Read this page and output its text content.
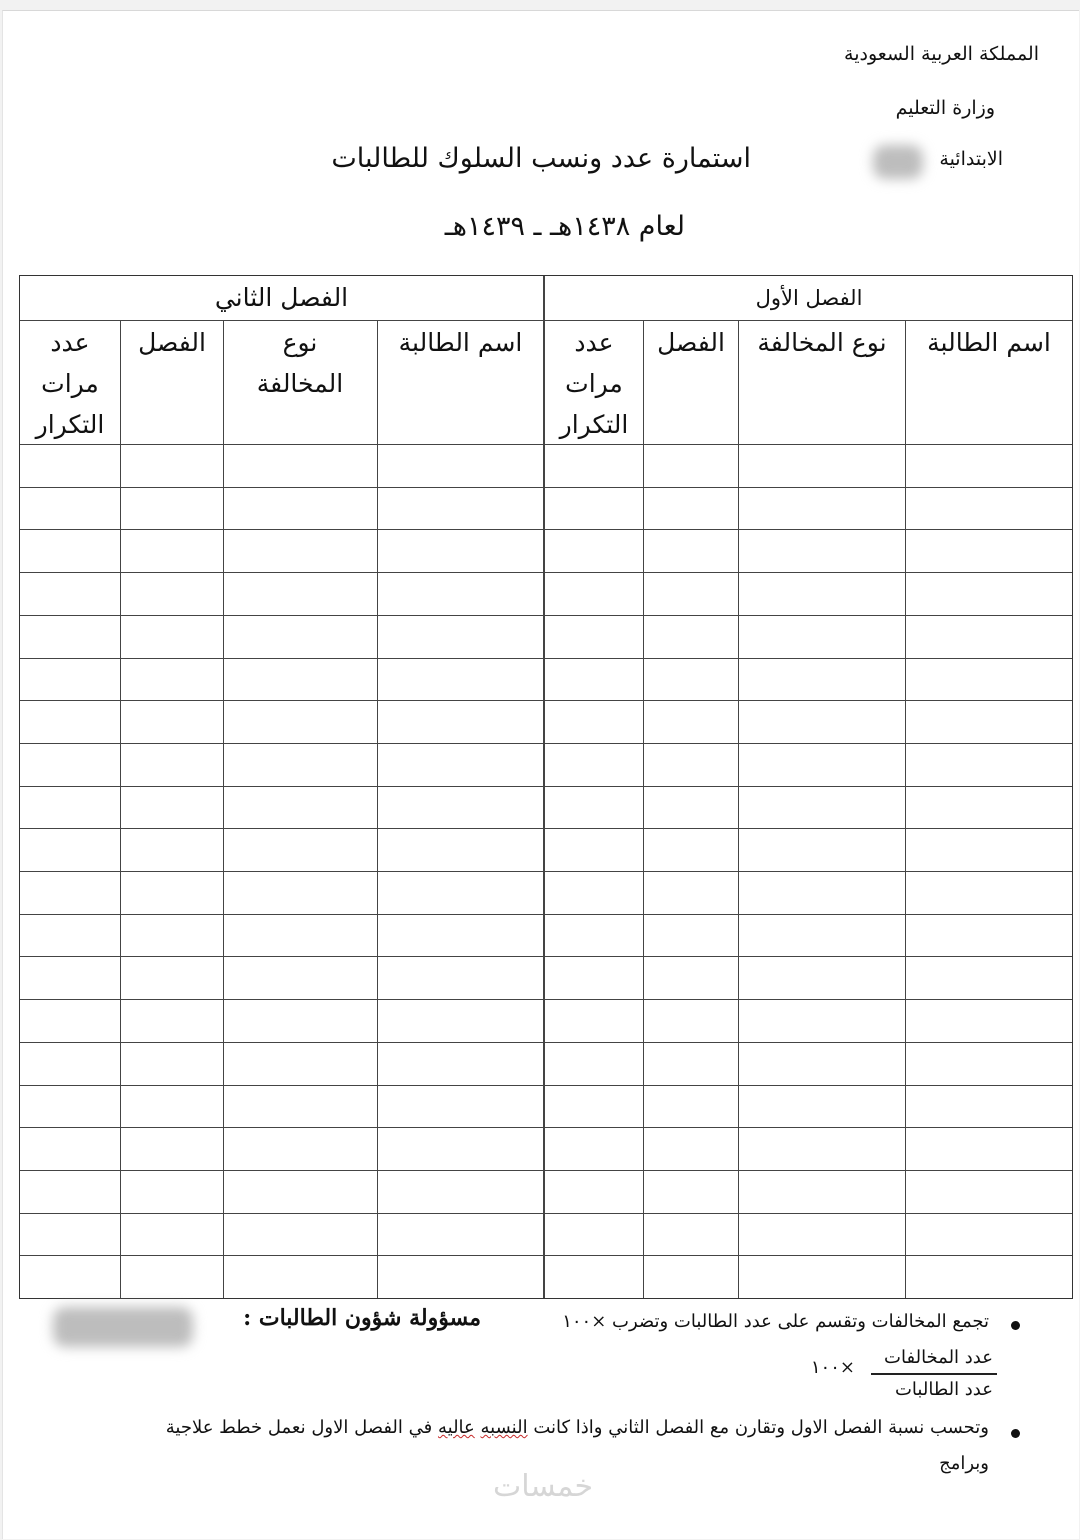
المملكة العربية السعودية
وزارة التعليم
الابتدائية
استمارة عدد ونسب السلوك للطالبات
لعام ١٤٣٨هـ ـ ١٤٣٩هـ
الفصل الأول
الفصل الثاني
اسم الطالبة
نوع المخالفة
الفصل
عدد مرات التكرار
اسم الطالبة
نوع المخالفة
الفصل
عدد مرات التكرار
مسؤولة شؤون الطالبات :	تجمع المخالفات وتقسم على عدد الطالبات وتضرب ×١٠٠
عدد المخالفات
×١٠٠
عدد الطالبات
وتحسب نسبة الفصل الاول وتقارن مع الفصل الثاني واذا كانت النسبه عاليه في الفصل الاول نعمل خطط علاجية
وبرامج
خمسات
